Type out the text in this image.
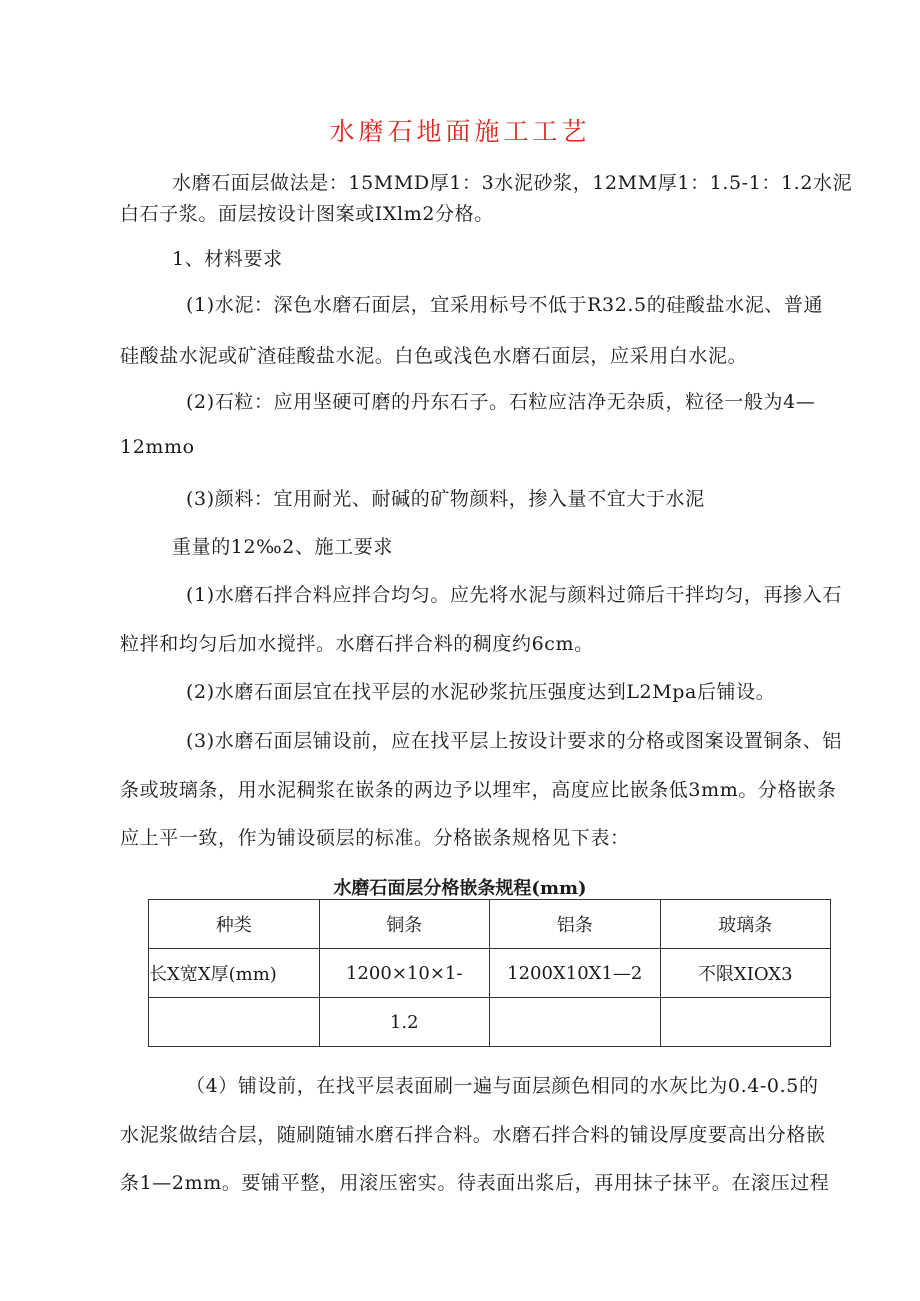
水磨石地面施工工艺
水磨石面层做法是：15MMD厚1：3水泥砂浆，12MM厚1：1.5-1：1.2水泥
白石子浆。面层按设计图案或IXlm2分格。
1、材料要求
(1)水泥：深色水磨石面层，宜采用标号不低于R32.5的硅酸盐水泥、普通
硅酸盐水泥或矿渣硅酸盐水泥。白色或浅色水磨石面层，应采用白水泥。
(2)石粒：应用坚硬可磨的丹东石子。石粒应洁净无杂质，粒径一般为4—
12mmo
(3)颜料：宜用耐光、耐碱的矿物颜料，掺入量不宜大于水泥
重量的12‰2、施工要求
(1)水磨石拌合料应拌合均匀。应先将水泥与颜料过筛后干拌均匀，再掺入石
粒拌和均匀后加水搅拌。水磨石拌合料的稠度约6cm。
(2)水磨石面层宜在找平层的水泥砂浆抗压强度达到L2Mpa后铺设。
(3)水磨石面层铺设前，应在找平层上按设计要求的分格或图案设置铜条、铝
条或玻璃条，用水泥稠浆在嵌条的两边予以埋牢，高度应比嵌条低3mm。分格嵌条
应上平一致，作为铺设硕层的标准。分格嵌条规格见下表：
水磨石面层分格嵌条规程(mm)
种类	铜条	铝条	玻璃条
长X宽X厚(mm)	1200×10×1-	1200X10X1—2	不限XIOX3
	1.2		
（4）铺设前，在找平层表面刷一遍与面层颜色相同的水灰比为0.4-0.5的
水泥浆做结合层，随刷随铺水磨石拌合料。水磨石拌合料的铺设厚度要高出分格嵌
条1—2mm。要铺平整，用滚压密实。待表面出浆后，再用抹子抹平。在滚压过程
